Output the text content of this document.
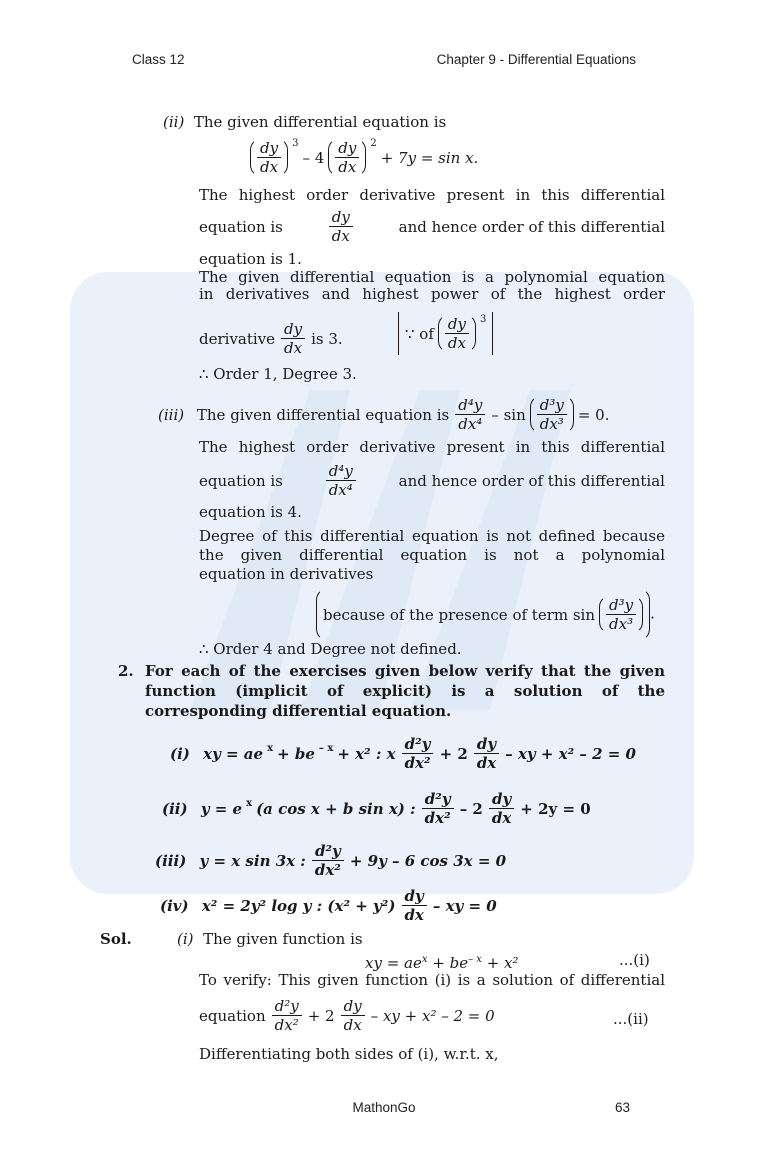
Class 12	Chapter 9 - Differential Equations
(ii) The given differential equation is
$\frac{dy}{dx} ^3$
– $4 \frac{dy}{dx} ^2$
+ 7y = sin x.
The highest order derivative present in this differential
equation is	$\frac{dy}{dx}$	and hence order of this differential
equation is 1.
The given differential equation is a polynomial equation
in derivatives and highest power of the highest order
derivative $\frac{dy}{dx}$ is 3.	∵ of $\frac{dy}{dx} ^3$
∴ Order 1, Degree 3.
(iii)
The given differential equation is $\frac{\text{d⁴y}}{\text{dx⁴}} - \sin \frac{\text{d³y}}{\text{dx³}} = 0$.
The highest order derivative present in this differential
equation is	$\frac{\text{d⁴y}}{\text{dx⁴}}$	and hence order of this differential
equation is 4.
Degree of this differential equation is not defined because
the given differential equation is not a polynomial
equation in derivatives
because of the presence of term $\sin \frac{\text{d³y}}{\text{dx³}}$ .
∴ Order 4 and Degree not defined.
2. For each of the exercises given below verify that the given
function (implicit of explicit) is a solution of the
corresponding differential equation.
(i)
xy = ae $^x$ + be $^{- x}$ + x² : x $\frac{\text{d²y}}{\text{dx²}} + 2 \frac{dy}{dx}$ – xy + x² – 2 = 0
(ii)
y = e $^x$ (a cos x + b sin x) : $\frac{\text{d²y}}{\text{dx²}} - 2 \frac{dy}{dx} + 2y = 0$
(iii)
y = x sin 3x : $\frac{\text{d²y}}{\text{dx²}} + 9y - 6$ cos 3x = 0
(iv)
x² = 2y² log y : $(x^2 + y^2) \frac{dy}{dx}$ – xy = 0
Sol.	(i) The given function is
xy = $ae^x + be^{- x} + x^2$	...(i)
To verify: This given function (i) is a solution of differential
equation $\frac{\text{d²y}}{\text{dx²}} + 2 \frac{dy}{dx}$ – xy + x² – 2 = 0	...(ii)
Differentiating both sides of (i), w.r.t. x,
MathonGo	63
